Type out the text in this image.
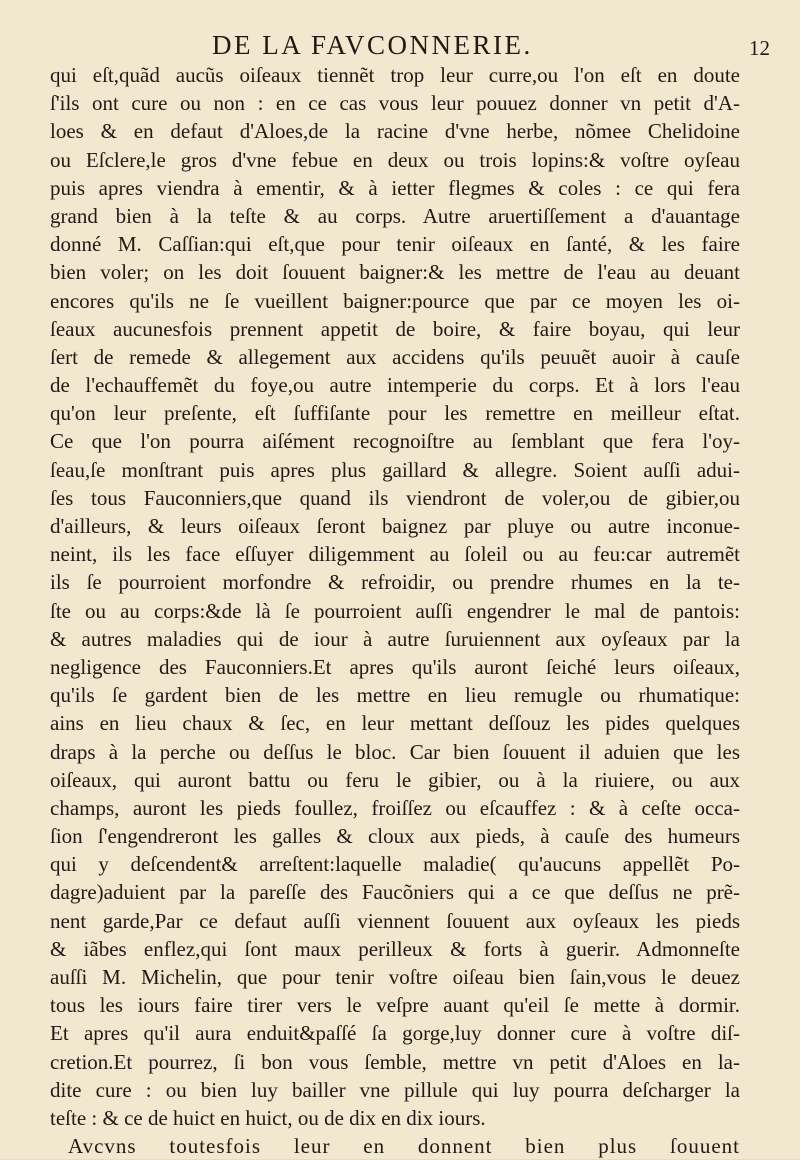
DE LA FAVCONNERIE.	12
qui eſt,quãd aucũs oiſeaux tiennẽt trop leur curre,ou l'on eſt en doute
ſ'ils ont cure ou non : en ce cas vous leur pouuez donner vn petit d'A-
loes & en defaut d'Aloes,de la racine d'vne herbe, nõmee Chelidoine
ou Eſclere,le gros d'vne febue en deux ou trois lopins:& voſtre oyſeau
puis apres viendra à ementir, & à ietter flegmes & coles : ce qui fera
grand bien à la teſte & au corps. Autre aruertiſſement a d'auantage
donné M. Caſſian:qui eſt,que pour tenir oiſeaux en ſanté, & les faire
bien voler; on les doit ſouuent baigner:& les mettre de l'eau au deuant
encores qu'ils ne ſe vueillent baigner:pource que par ce moyen les oi-
ſeaux aucunesfois prennent appetit de boire, & faire boyau, qui leur
ſert de remede & allegement aux accidens qu'ils peuuẽt auoir à cauſe
de l'echauffemẽt du foye,ou autre intemperie du corps. Et à lors l'eau
qu'on leur preſente, eſt ſuffiſante pour les remettre en meilleur eſtat.
Ce que l'on pourra aiſément recognoiſtre au ſemblant que fera l'oy-
ſeau,ſe monſtrant puis apres plus gaillard & allegre. Soient auſſi adui-
ſes tous Fauconniers,que quand ils viendront de voler,ou de gibier,ou
d'ailleurs, & leurs oiſeaux ſeront baignez par pluye ou autre inconue-
neint, ils les face eſſuyer diligemment au ſoleil ou au feu:car autremẽt
ils ſe pourroient morfondre & refroidir, ou prendre rhumes en la te-
ſte ou au corps:&de là ſe pourroient auſſi engendrer le mal de pantois:
& autres maladies qui de iour à autre ſuruiennent aux oyſeaux par la
negligence des Fauconniers.Et apres qu'ils auront ſeiché leurs oiſeaux,
qu'ils ſe gardent bien de les mettre en lieu remugle ou rhumatique:
ains en lieu chaux & ſec, en leur mettant deſſouz les pides quelques
draps à la perche ou deſſus le bloc. Car bien ſouuent il aduien que les
oiſeaux, qui auront battu ou feru le gibier, ou à la riuiere, ou aux
champs, auront les pieds foullez, froiſſez ou eſcauffez : & à ceſte occa-
ſion ſ'engendreront les galles & cloux aux pieds, à cauſe des humeurs
qui y deſcendent& arreſtent:laquelle maladie( qu'aucuns appellẽt Po-
dagre)aduient par la pareſſe des Faucõniers qui a ce que deſſus ne prẽ-
nent garde,Par ce defaut auſſi viennent ſouuent aux oyſeaux les pieds
& iãbes enflez,qui ſont maux perilleux & forts à guerir. Admonneſte
auſſi M. Michelin, que pour tenir voſtre oiſeau bien ſain,vous le deuez
tous les iours faire tirer vers le veſpre auant qu'eil ſe mette à dormir.
Et apres qu'il aura enduit&paſſé ſa gorge,luy donner cure à voſtre diſ-
cretion.Et pourrez, ſi bon vous ſemble, mettre vn petit d'Aloes en la-
dite cure : ou bien luy bailler vne pillule qui luy pourra deſcharger la
teſte : & ce de huict en huict, ou de dix en dix iours.
Avcvns toutesfois leur en donnent bien plus ſouuent
